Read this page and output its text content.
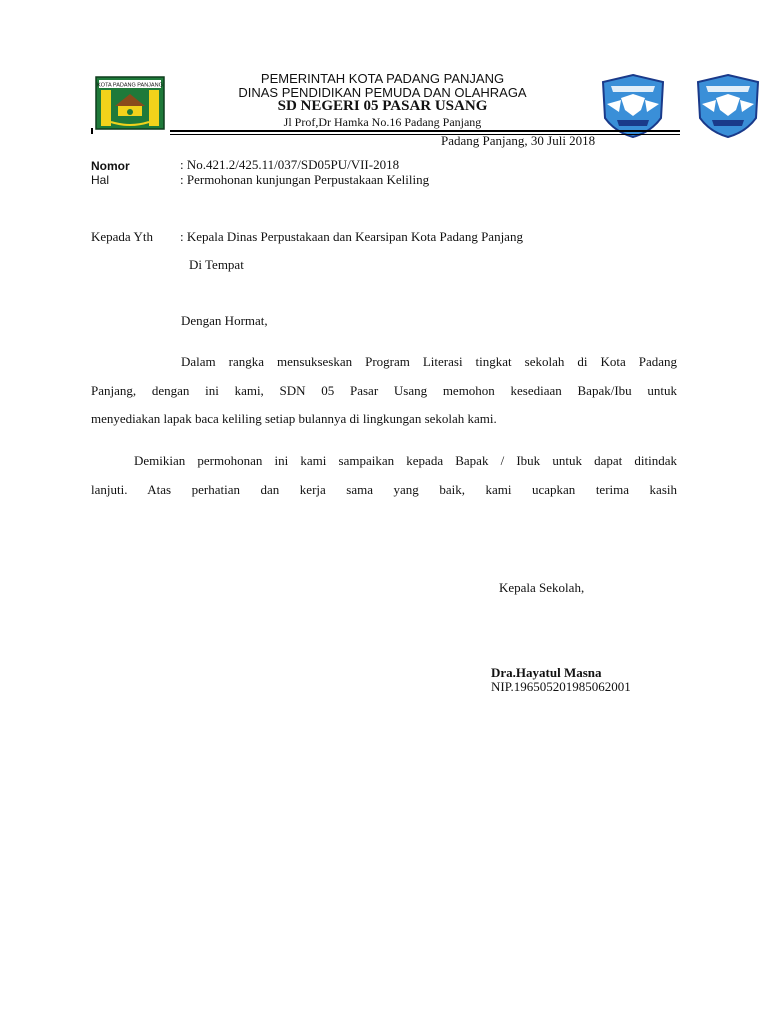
KOTA PADANG PANJANG	PEMERINTAH KOTA PADANG PANJANG
DINAS PENDIDIKAN PEMUDA DAN OLAHRAGA
SD NEGERI 05 PASAR USANG
Jl Prof,Dr Hamka No.16 Padang Panjang
Padang Panjang, 30 Juli 2018
Nomor	: No.421.2/425.11/037/SD05PU/VII-2018
Hal	: Permohonan kunjungan Perpustakaan Keliling
Kepada Yth : Kepala Dinas Perpustakaan dan Kearsipan Kota Padang Panjang
Di Tempat
Dengan Hormat,
Dalam rangka mensukseskan Program Literasi tingkat sekolah di Kota Padang
Panjang, dengan ini kami, SDN 05 Pasar Usang memohon kesediaan Bapak/Ibu untuk
menyediakan lapak baca keliling setiap bulannya di lingkungan sekolah kami.
Demikian permohonan ini kami sampaikan kepada Bapak / Ibuk untuk dapat ditindak
lanjuti. Atas perhatian dan kerja sama yang baik, kami ucapkan terima kasih
Kepala Sekolah,
Dra.Hayatul Masna
NIP.196505201985062001
